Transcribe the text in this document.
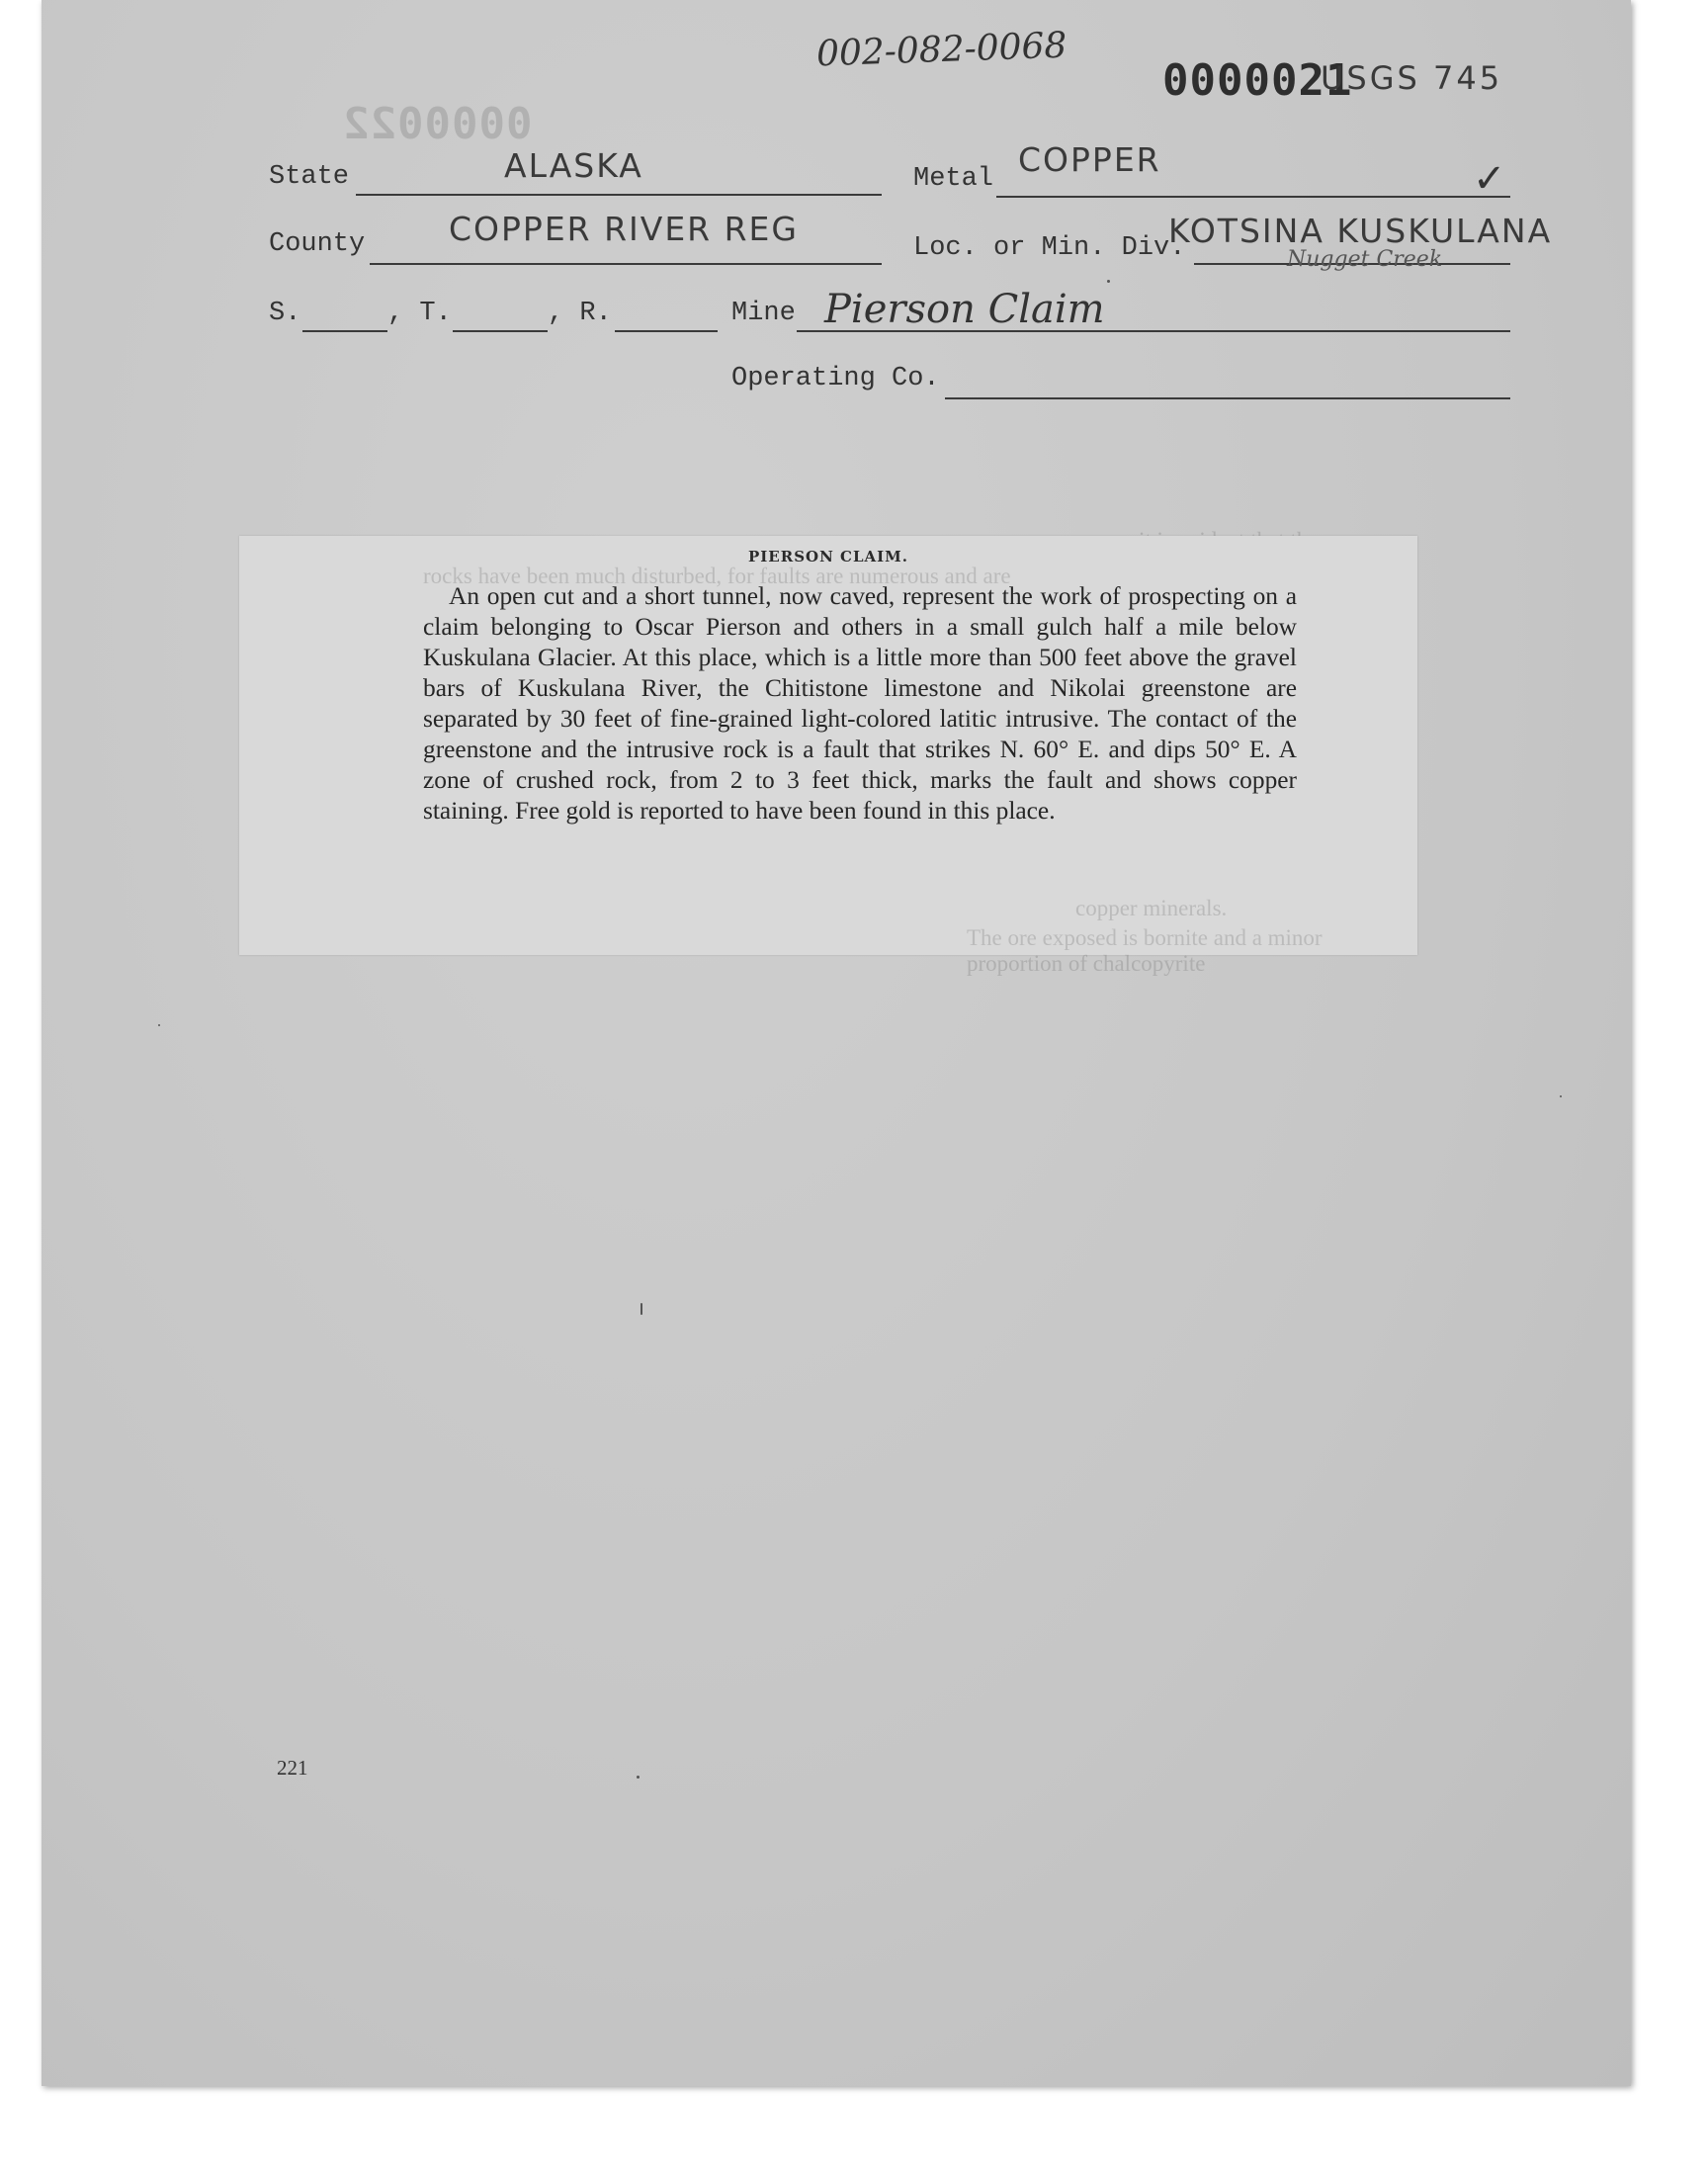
002-082-0068
0000022
0000021
USGS 745
State	ALASKA	Metal COPPER	✓
County	COPPER RIVER REG	Loc. or Min. Div.
KOTSINA KUSKULANA
Nugget Creek
S.	, T.	, R.	Mine Pierson Claim
Operating Co.
rocks have been much disturbed, for faults are numerous and are
PIERSON CLAIM.
An open cut and a short tunnel, now caved, represent the work of prospecting on a claim belonging to Oscar Pierson and others in a small gulch half a mile below Kuskulana Glacier. At this place, which is a little more than 500 feet above the gravel bars of Kuskulana River, the Chitistone limestone and Nikolai greenstone are separated by 30 feet of fine-grained light-colored latitic intrusive. The contact of the greenstone and the intrusive rock is a fault that strikes N. 60° E. and dips 50° E. A zone of crushed rock, from 2 to 3 feet thick, marks the fault and shows copper staining. Free gold is reported to have been found in this place.
copper minerals.
The ore exposed is bornite and a minor proportion of chalcopyrite
221
